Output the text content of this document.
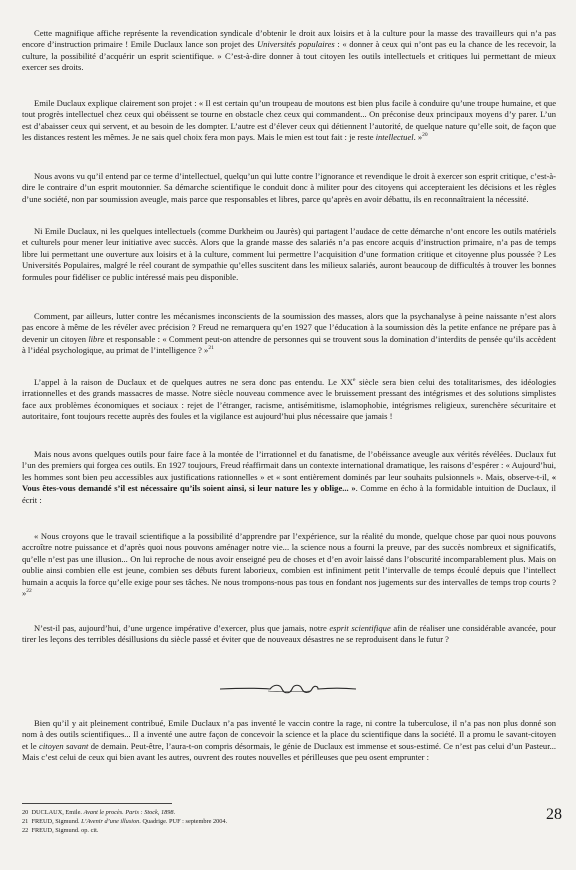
Cette magnifique affiche représente la revendication syndicale d’obtenir le droit aux loisirs et à la culture pour la masse des travailleurs qui n’a pas encore d’instruction primaire ! Emile Duclaux lance son projet des Universités populaires : « donner à ceux qui n’ont pas eu la chance de les recevoir, la culture, la possibilité d’acquérir un esprit scientifique. » C’est-à-dire donner à tout citoyen les outils intellectuels et critiques lui permettant de mieux exercer ses droits.

Emile Duclaux explique clairement son projet : « Il est certain qu’un troupeau de moutons est bien plus facile à conduire qu’une troupe humaine, et que tout progrès intellectuel chez ceux qui obéissent se tourne en obstacle chez ceux qui commandent... On préconise deux principaux moyens d’y parer. L’un est d’abaisser ceux qui servent, et au besoin de les dompter. L’autre est d’élever ceux qui détiennent l’autorité, de quelque nature qu’elle soit, de façon que les distances restent les mêmes. Je ne sais quel choix fera mon pays. Mais le mien est tout fait : je reste intellectuel. »$^{20}$

Nous avons vu qu’il entend par ce terme d’intellectuel, quelqu’un qui lutte contre l’ignorance et revendique le droit à exercer son esprit critique, c’est-à-dire le contraire d’un esprit moutonnier. Sa démarche scientifique le conduit donc à militer pour des citoyens qui accepteraient les décisions et les règles d’une société, non par soumission aveugle, mais parce que responsables et libres, parce qu’après en avoir débattu, ils en reconnaîtraient la nécessité.

Ni Emile Duclaux, ni les quelques intellectuels (comme Durkheim ou Jaurès) qui partagent l’audace de cette démarche n’ont encore les outils matériels et culturels pour mener leur initiative avec succès. Alors que la grande masse des salariés n’a pas encore acquis d’instruction primaire, n’a pas de temps libre lui permettant une ouverture aux loisirs et à la culture, comment lui permettre l’acquisition d’une formation critique et citoyenne plus poussée ? Les Universités Populaires, malgré le réel courant de sympathie qu’elles suscitent dans les milieux salariés, auront beaucoup de difficultés à trouver les bonnes formules pour fidéliser ce public intéressé mais peu disponible.

Comment, par ailleurs, lutter contre les mécanismes inconscients de la soumission des masses, alors que la psychanalyse à peine naissante n’est alors pas encore à même de les révéler avec précision ? Freud ne remarquera qu’en 1927 que l’éducation à la soumission dès la petite enfance ne prépare pas à devenir un citoyen libre et responsable : « Comment peut-on attendre de personnes qui se trouvent sous la domination d’interdits de pensée qu’ils accèdent à l’idéal psychologique, au primat de l’intelligence ? »$^{21}$

L’appel à la raison de Duclaux et de quelques autres ne sera donc pas entendu. Le XXe siècle sera bien celui des totalitarismes, des idéologies irrationnelles et des grands massacres de masse. Notre siècle nouveau commence avec le bruissement pressant des intégrismes et des solutions simplistes face aux problèmes économiques et sociaux : rejet de l’étranger, racisme, antisémitisme, islamophobie, intégrismes religieux, surenchère sécuritaire et autoritaire, font toujours recette auprès des foules et la vigilance est aujourd’hui plus nécessaire que jamais !

Mais nous avons quelques outils pour faire face à la montée de l’irrationnel et du fanatisme, de l’obéissance aveugle aux vérités révélées. Duclaux fut l’un des premiers qui forgea ces outils. En 1927 toujours, Freud réaffirmait dans un contexte international dramatique, les raisons d’espérer : « Aujourd’hui, les hommes sont bien peu accessibles aux justifications rationnelles » et « sont entièrement dominés par leur souhaits pulsionnels ». Mais, observe-t-il, « Vous êtes-vous demandé s’il est nécessaire qu’ils soient ainsi, si leur nature les y oblige... ». Comme en écho à la formidable intuition de Duclaux, il écrit :

« Nous croyons que le travail scientifique a la possibilité d’apprendre par l’expérience, sur la réalité du monde, quelque chose par quoi nous pouvons accroître notre puissance et d’après quoi nous pouvons aménager notre vie... la science nous a fourni la preuve, par des succès nombreux et significatifs, qu’elle n’est pas une illusion... On lui reproche de nous avoir enseigné peu de choses et d’en avoir laissé dans l’obscurité incomparablement plus. Mais on oublie ainsi combien elle est jeune, combien ses débuts furent laborieux, combien est infiniment petit l’intervalle de temps écoulé depuis que l’intellect humain a acquis la force qu’elle exige pour ses tâches. Ne nous trompons-nous pas tous en fondant nos jugements sur des intervalles de temps trop courts ? »$^{22}$

N’est-il pas, aujourd’hui, d’une urgence impérative d’exercer, plus que jamais, notre esprit scientifique afin de réaliser une considérable avancée, pour tirer les leçons des terribles désillusions du siècle passé et éviter que de nouveaux désastres ne se reproduisent dans le futur ?

Bien qu’il y ait pleinement contribué, Emile Duclaux n’a pas inventé le vaccin contre la rage, ni contre la tuberculose, il n’a pas non plus donné son nom à des outils scientifiques... Il a inventé une autre façon de concevoir la science et la place du scientifique dans la société. Il a promu le savant-citoyen et le citoyen savant de demain. Peut-être, l’aura-t-on compris désormais, le génie de Duclaux est immense et sous-estimé. Ce n’est pas celui d’un Pasteur... Mais c’est celui de ceux qui bien avant les autres, ouvrent des routes nouvelles et périlleuses que peu osent emprunter :

20 DUCLAUX, Emile. Avant le procès. Paris : Stock, 1898.
21 FREUD, Sigmund. L’Avenir d’une illusion. Quadrige. PUF : septembre 2004.
22 FREUD, Sigmund. op. cit.
28
